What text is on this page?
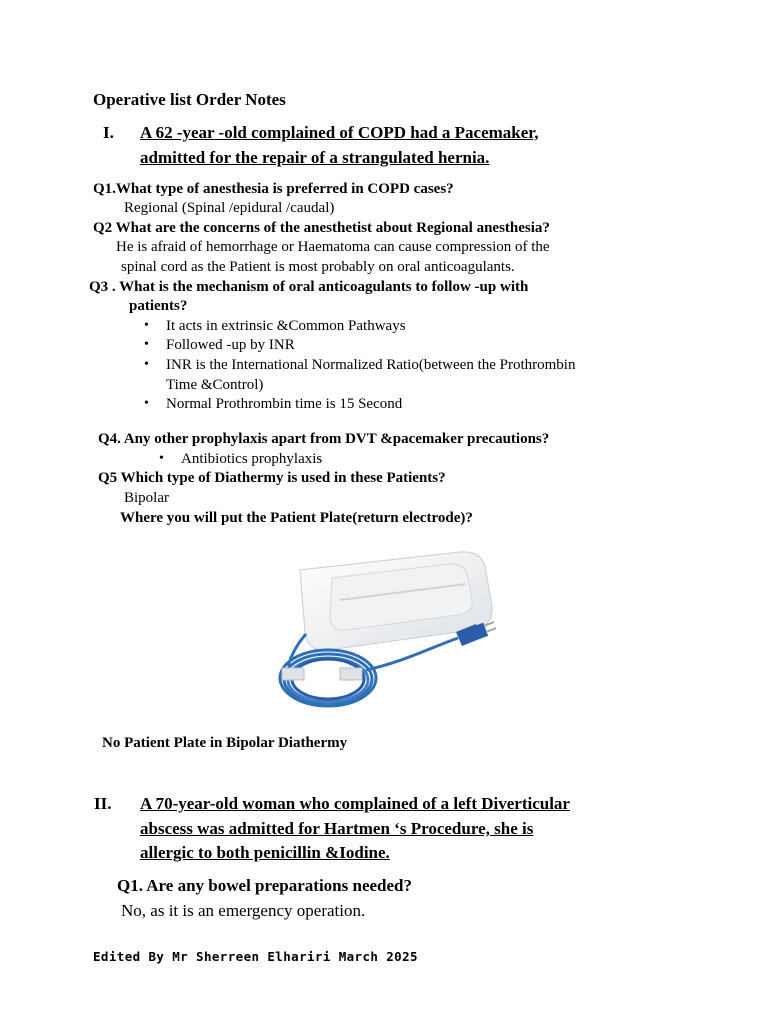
Operative list Order Notes
I. A 62 -year -old complained of COPD had a Pacemaker,
admitted for the repair of a strangulated hernia.
Q1.What type of anesthesia is preferred in COPD cases?
Regional (Spinal /epidural /caudal)
Q2 What are the concerns of the anesthetist about Regional anesthesia?
He is afraid of hemorrhage or Haematoma can cause compression of the
spinal cord as the Patient is most probably on oral anticoagulants.
Q3 . What is the mechanism of oral anticoagulants to follow -up with
patients?
• It acts in extrinsic &Common Pathways
• Followed -up by INR
• INR is the International Normalized Ratio(between the Prothrombin
Time &Control)
• Normal Prothrombin time is 15 Second
Q4. Any other prophylaxis apart from DVT &pacemaker precautions?
• Antibiotics prophylaxis
Q5 Which type of Diathermy is used in these Patients?
Bipolar
Where you will put the Patient Plate(return electrode)?
No Patient Plate in Bipolar Diathermy
II. A 70-year-old woman who complained of a left Diverticular
abscess was admitted for Hartmen ‘s Procedure, she is
allergic to both penicillin &Iodine.
Q1. Are any bowel preparations needed?
No, as it is an emergency operation.
Edited By Mr Sherreen Elhariri March 2025
